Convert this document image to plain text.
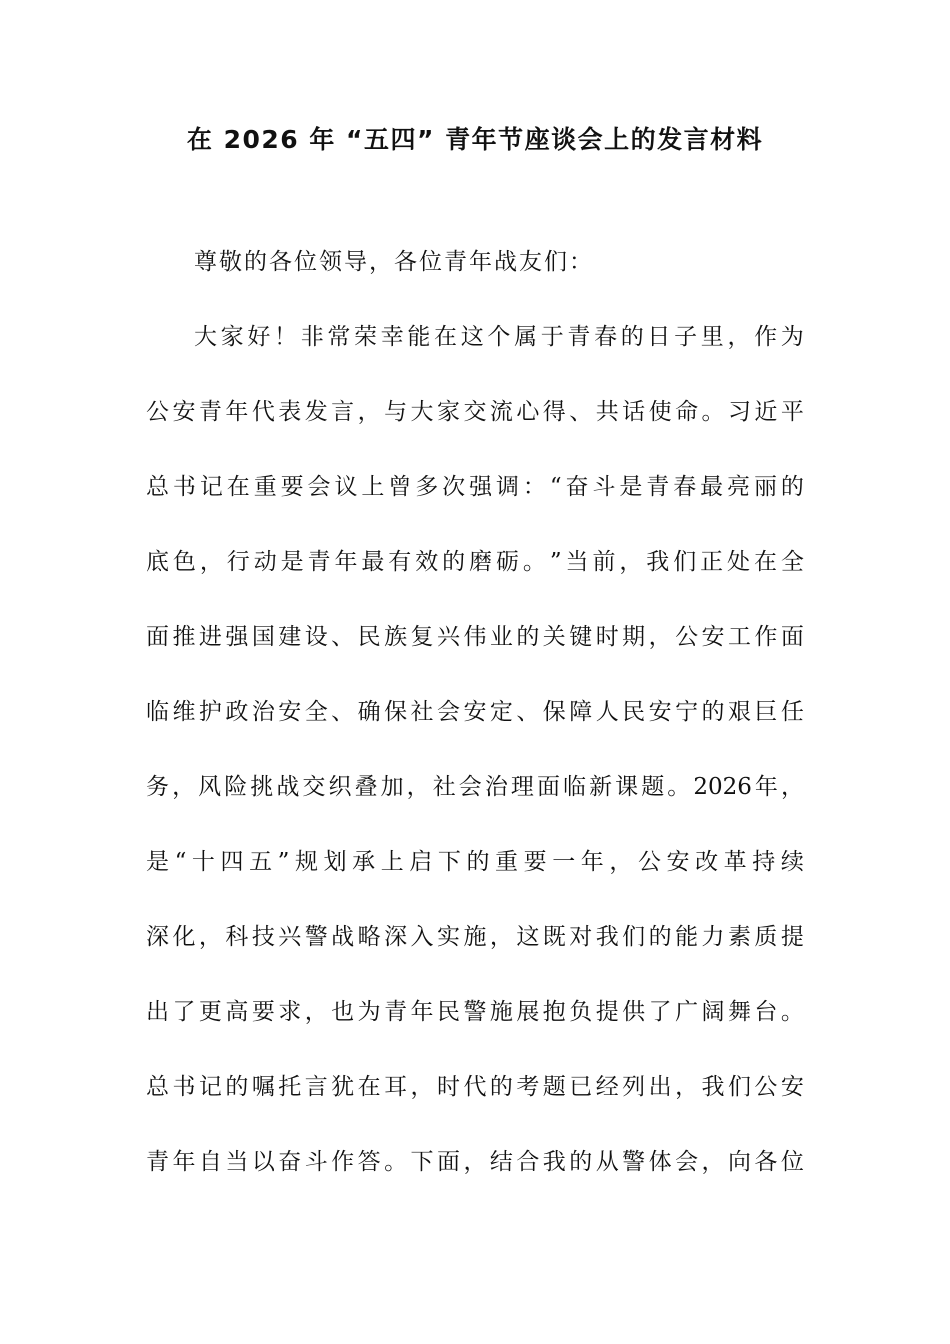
在 2026 年 “五四” 青年节座谈会上的发言材料

尊敬的各位领导，各位青年战友们：

大 家 好 ！ 非 常 荣 幸 能 在 这 个 属 于 青 春 的 日 子 里 ， 作 为

公 安 青 年 代 表 发 言 ， 与 大 家 交 流 心 得 、 共 话 使 命 。 习 近 平

总 书 记 在 重 要 会 议 上 曾 多 次 强 调 ： “ 奋 斗 是 青 春 最 亮 丽 的

底 色 ， 行 动 是 青 年 最 有 效 的 磨 砺 。 ” 当 前 ， 我 们 正 处 在 全

面 推 进 强 国 建 设 、 民 族 复 兴 伟 业 的 关 键 时 期 ， 公 安 工 作 面

临 维 护 政 治 安 全 、 确 保 社 会 安 定 、 保 障 人 民 安 宁 的 艰 巨 任

务 ， 风 险 挑 战 交 织 叠 加 ， 社 会 治 理 面 临 新 课 题 。 2026 年 ，

是 “ 十 四 五 ” 规 划 承 上 启 下 的 重 要 一 年 ， 公 安 改 革 持 续

深 化 ， 科 技 兴 警 战 略 深 入 实 施 ， 这 既 对 我 们 的 能 力 素 质 提

出 了 更 高 要 求 ， 也 为 青 年 民 警 施 展 抱 负 提 供 了 广 阔 舞 台 。

总 书 记 的 嘱 托 言 犹 在 耳 ， 时 代 的 考 题 已 经 列 出 ， 我 们 公 安

青 年 自 当 以 奋 斗 作 答 。 下 面 ， 结 合 我 的 从 警 体 会 ， 向 各 位
